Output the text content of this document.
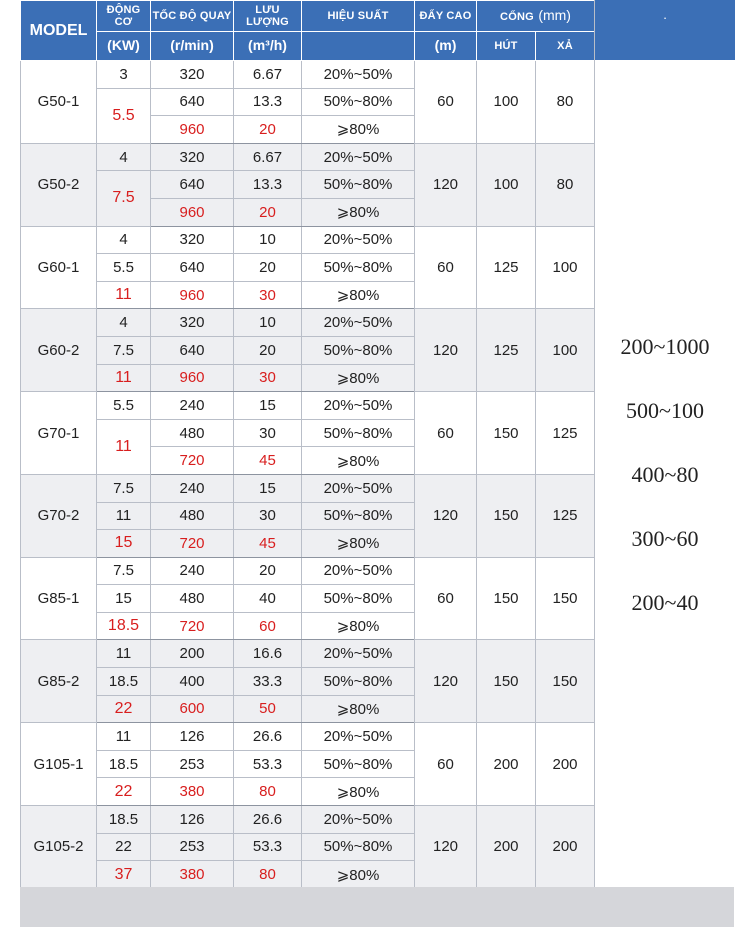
MODEL	ĐỘNG CƠ	TỐC ĐỘ QUAY	LƯU LƯỢNG	HIỆU SUẤT	ĐẨY CAO	CỔNG (mm)	
	(KW)	(r/min)	(m³/h)		(m)	HÚT	XẢ
G50-1	3	320	6.67	20%~50%	60	100	80
	5.5	640	13.3	50%~80%			
		960	20	⩾80%			
G50-2	4	320	6.67	20%~50%	120	100	80
	7.5	640	13.3	50%~80%			
		960	20	⩾80%			
G60-1	4	320	10	20%~50%	60	125	100
	5.5	640	20	50%~80%			
	11	960	30	⩾80%			
G60-2	4	320	10	20%~50%	120	125	100
	7.5	640	20	50%~80%			
	11	960	30	⩾80%			
G70-1	5.5	240	15	20%~50%	60	150	125
	11	480	30	50%~80%			
		720	45	⩾80%			
G70-2	7.5	240	15	20%~50%	120	150	125
	11	480	30	50%~80%			
	15	720	45	⩾80%			
G85-1	7.5	240	20	20%~50%	60	150	150
	15	480	40	50%~80%			
	18.5	720	60	⩾80%			
G85-2	11	200	16.6	20%~50%	120	150	150
	18.5	400	33.3	50%~80%			
	22	600	50	⩾80%			
G105-1	11	126	26.6	20%~50%	60	200	200
	18.5	253	53.3	50%~80%			
	22	380	80	⩾80%			
G105-2	18.5	126	26.6	20%~50%	120	200	200
	22	253	53.3	50%~80%			
	37	380	80	⩾80%			
.
200~1000
500~100
400~80
300~60
200~40
